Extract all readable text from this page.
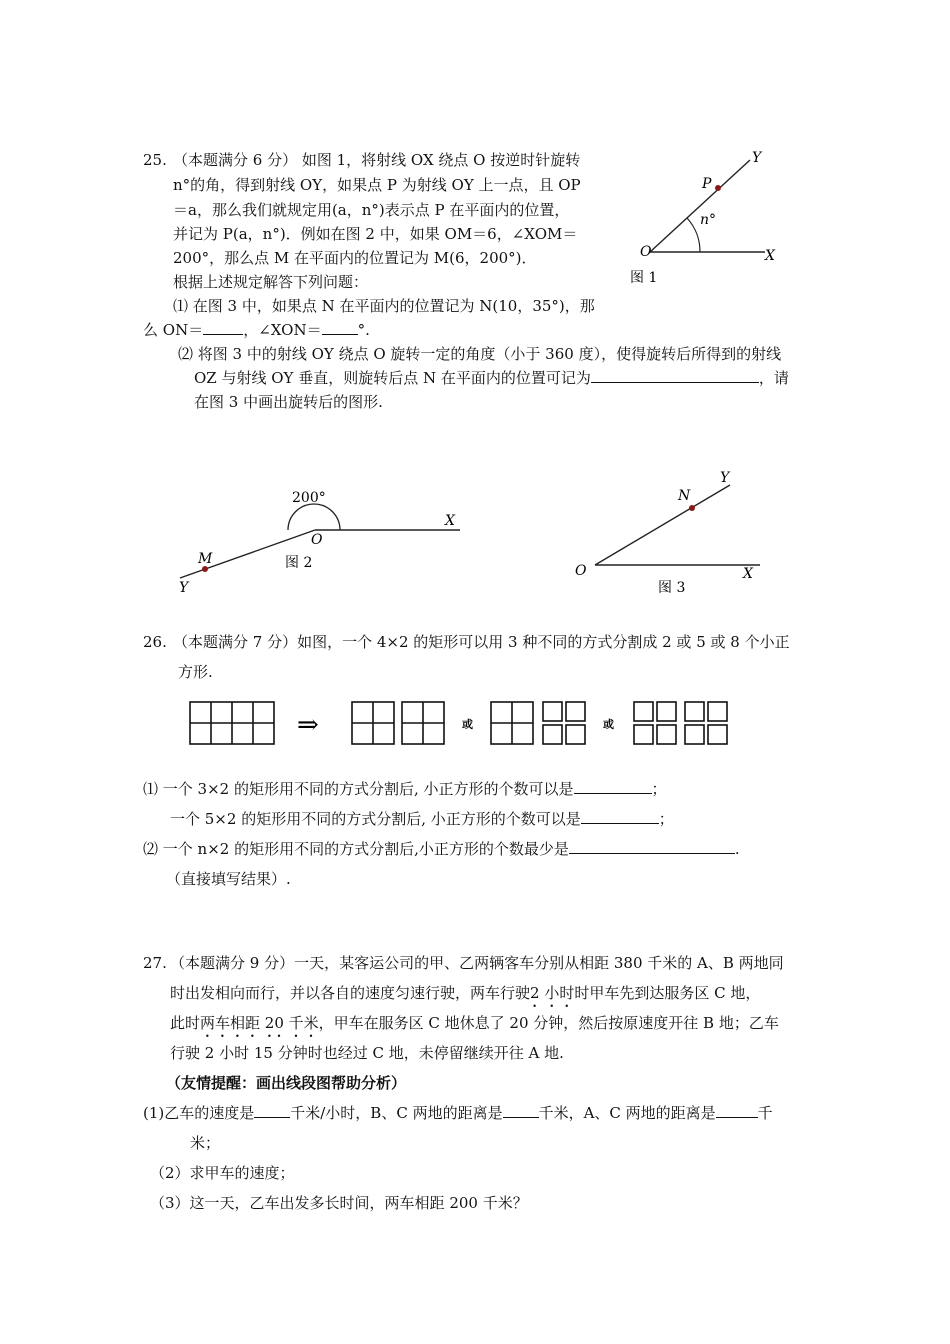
25. （本题满分 6 分） 如图 1，将射线 OX 绕点 O 按逆时针旋转
n°的角，得到射线 OY，如果点 P 为射线 OY 上一点，且 OP
＝a，那么我们就规定用(a，n°)表示点 P 在平面内的位置，
并记为 P(a，n°)．例如在图 2 中，如果 OM＝6，∠XOM＝
200°，那么点 M 在平面内的位置记为 M(6，200°)．
根据上述规定解答下列问题：
⑴ 在图 3 中，如果点 N 在平面内的位置记为 N(10，35°)，那
么 ON＝	，∠XON＝ °.
⑵ 将图 3 中的射线 OY 绕点 O 旋转一定的角度（小于 360 度），使得旋转后所得到的射线
OZ 与射线 OY 垂直，则旋转后点 N 在平面内的位置可记为	，请
在图 3 中画出旋转后的图形.
O	X
Y
P
n°
图 1
200°
O
X
Y
M	图 2	O	X
Y
N
图 3
26. （本题满分 7 分）如图，一个 4×2 的矩形可以用 3 种不同的方式分割成 2 或 5 或 8 个小正
方形.
⇒	或	或
⑴ 一个 3×2 的矩形用不同的方式分割后, 小正方形的个数可以是	；
一个 5×2 的矩形用不同的方式分割后, 小正方形的个数可以是	；
⑵ 一个 n×2 的矩形用不同的方式分割后,小正方形的个数最少是	.
（直接填写结果）.
27. （本题满分 9 分）一天，某客运公司的甲、乙两辆客车分别从相距 380 千米的 A、B 两地同
时出发相向而行，并以各自的速度匀速行驶，两车行驶2 小时时甲车先到达服务区 C 地，
此时两车相距 20 千米，甲车在服务区 C 地休息了 20 分钟，然后按原速度开往 B 地；乙车
行驶 2 小时 15 分钟时也经过 C 地，未停留继续开往 A 地.
（友情提醒：画出线段图帮助分析）
(1)乙车的速度是 千米/小时，B、C 两地的距离是 千米，A、C 两地的距离是	千
米；
（2）求甲车的速度；
（3）这一天，乙车出发多长时间，两车相距 200 千米？
